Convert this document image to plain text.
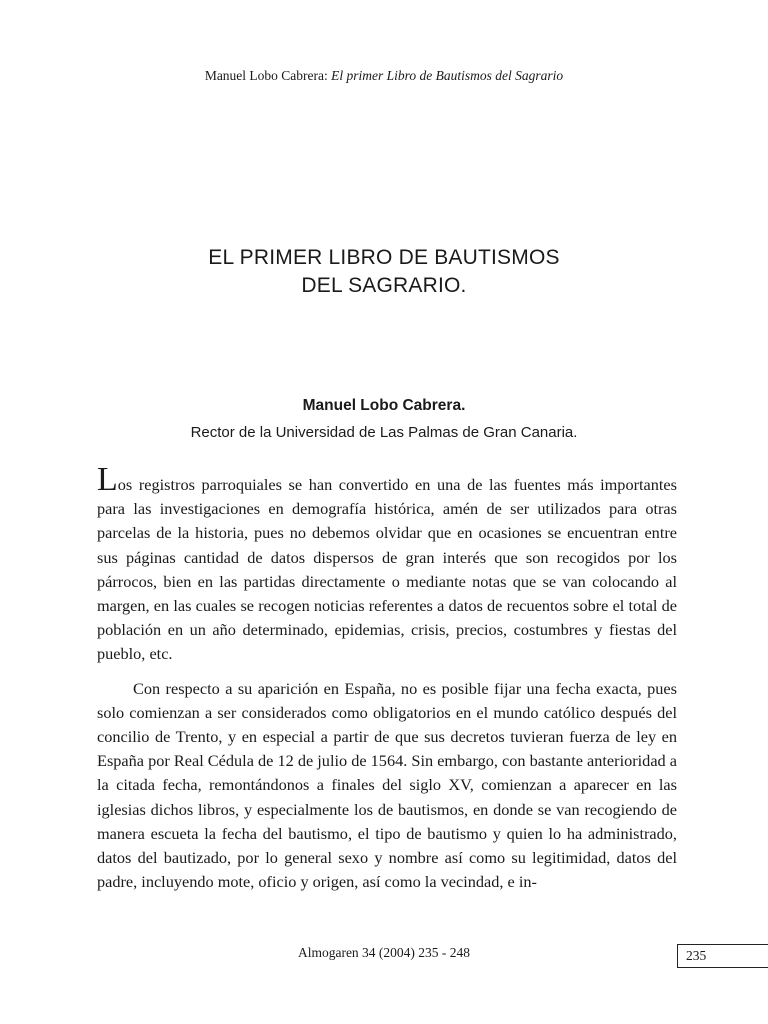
Manuel Lobo Cabrera: El primer Libro de Bautismos del Sagrario
EL PRIMER LIBRO DE BAUTISMOS
DEL SAGRARIO.
Manuel Lobo Cabrera.
Rector de la Universidad de Las Palmas de Gran Canaria.

Los registros parroquiales se han convertido en una de las fuentes más importantes para las investigaciones en demografía histórica, amén de ser utilizados para otras parcelas de la historia, pues no debemos olvidar que en ocasiones se encuentran entre sus páginas cantidad de datos dispersos de gran interés que son recogidos por los párrocos, bien en las partidas directamente o mediante notas que se van colocando al margen, en las cuales se recogen noticias referentes a datos de recuentos sobre el total de población en un año determinado, epidemias, crisis, precios, costumbres y fiestas del pueblo, etc.

Con respecto a su aparición en España, no es posible fijar una fecha exacta, pues solo comienzan a ser considerados como obligatorios en el mundo católico después del concilio de Trento, y en especial a partir de que sus decretos tuvieran fuerza de ley en España por Real Cédula de 12 de julio de 1564. Sin embargo, con bastante anterioridad a la citada fecha, remontándonos a finales del siglo XV, comienzan a aparecer en las iglesias dichos libros, y especialmente los de bautismos, en donde se van recogiendo de manera escueta la fecha del bautismo, el tipo de bautismo y quien lo ha administrado, datos del bautizado, por lo general sexo y nombre así como su legitimidad, datos del padre, incluyendo mote, oficio y origen, así como la vecindad, e in-

Almogaren 34 (2004) 235 - 248	235
